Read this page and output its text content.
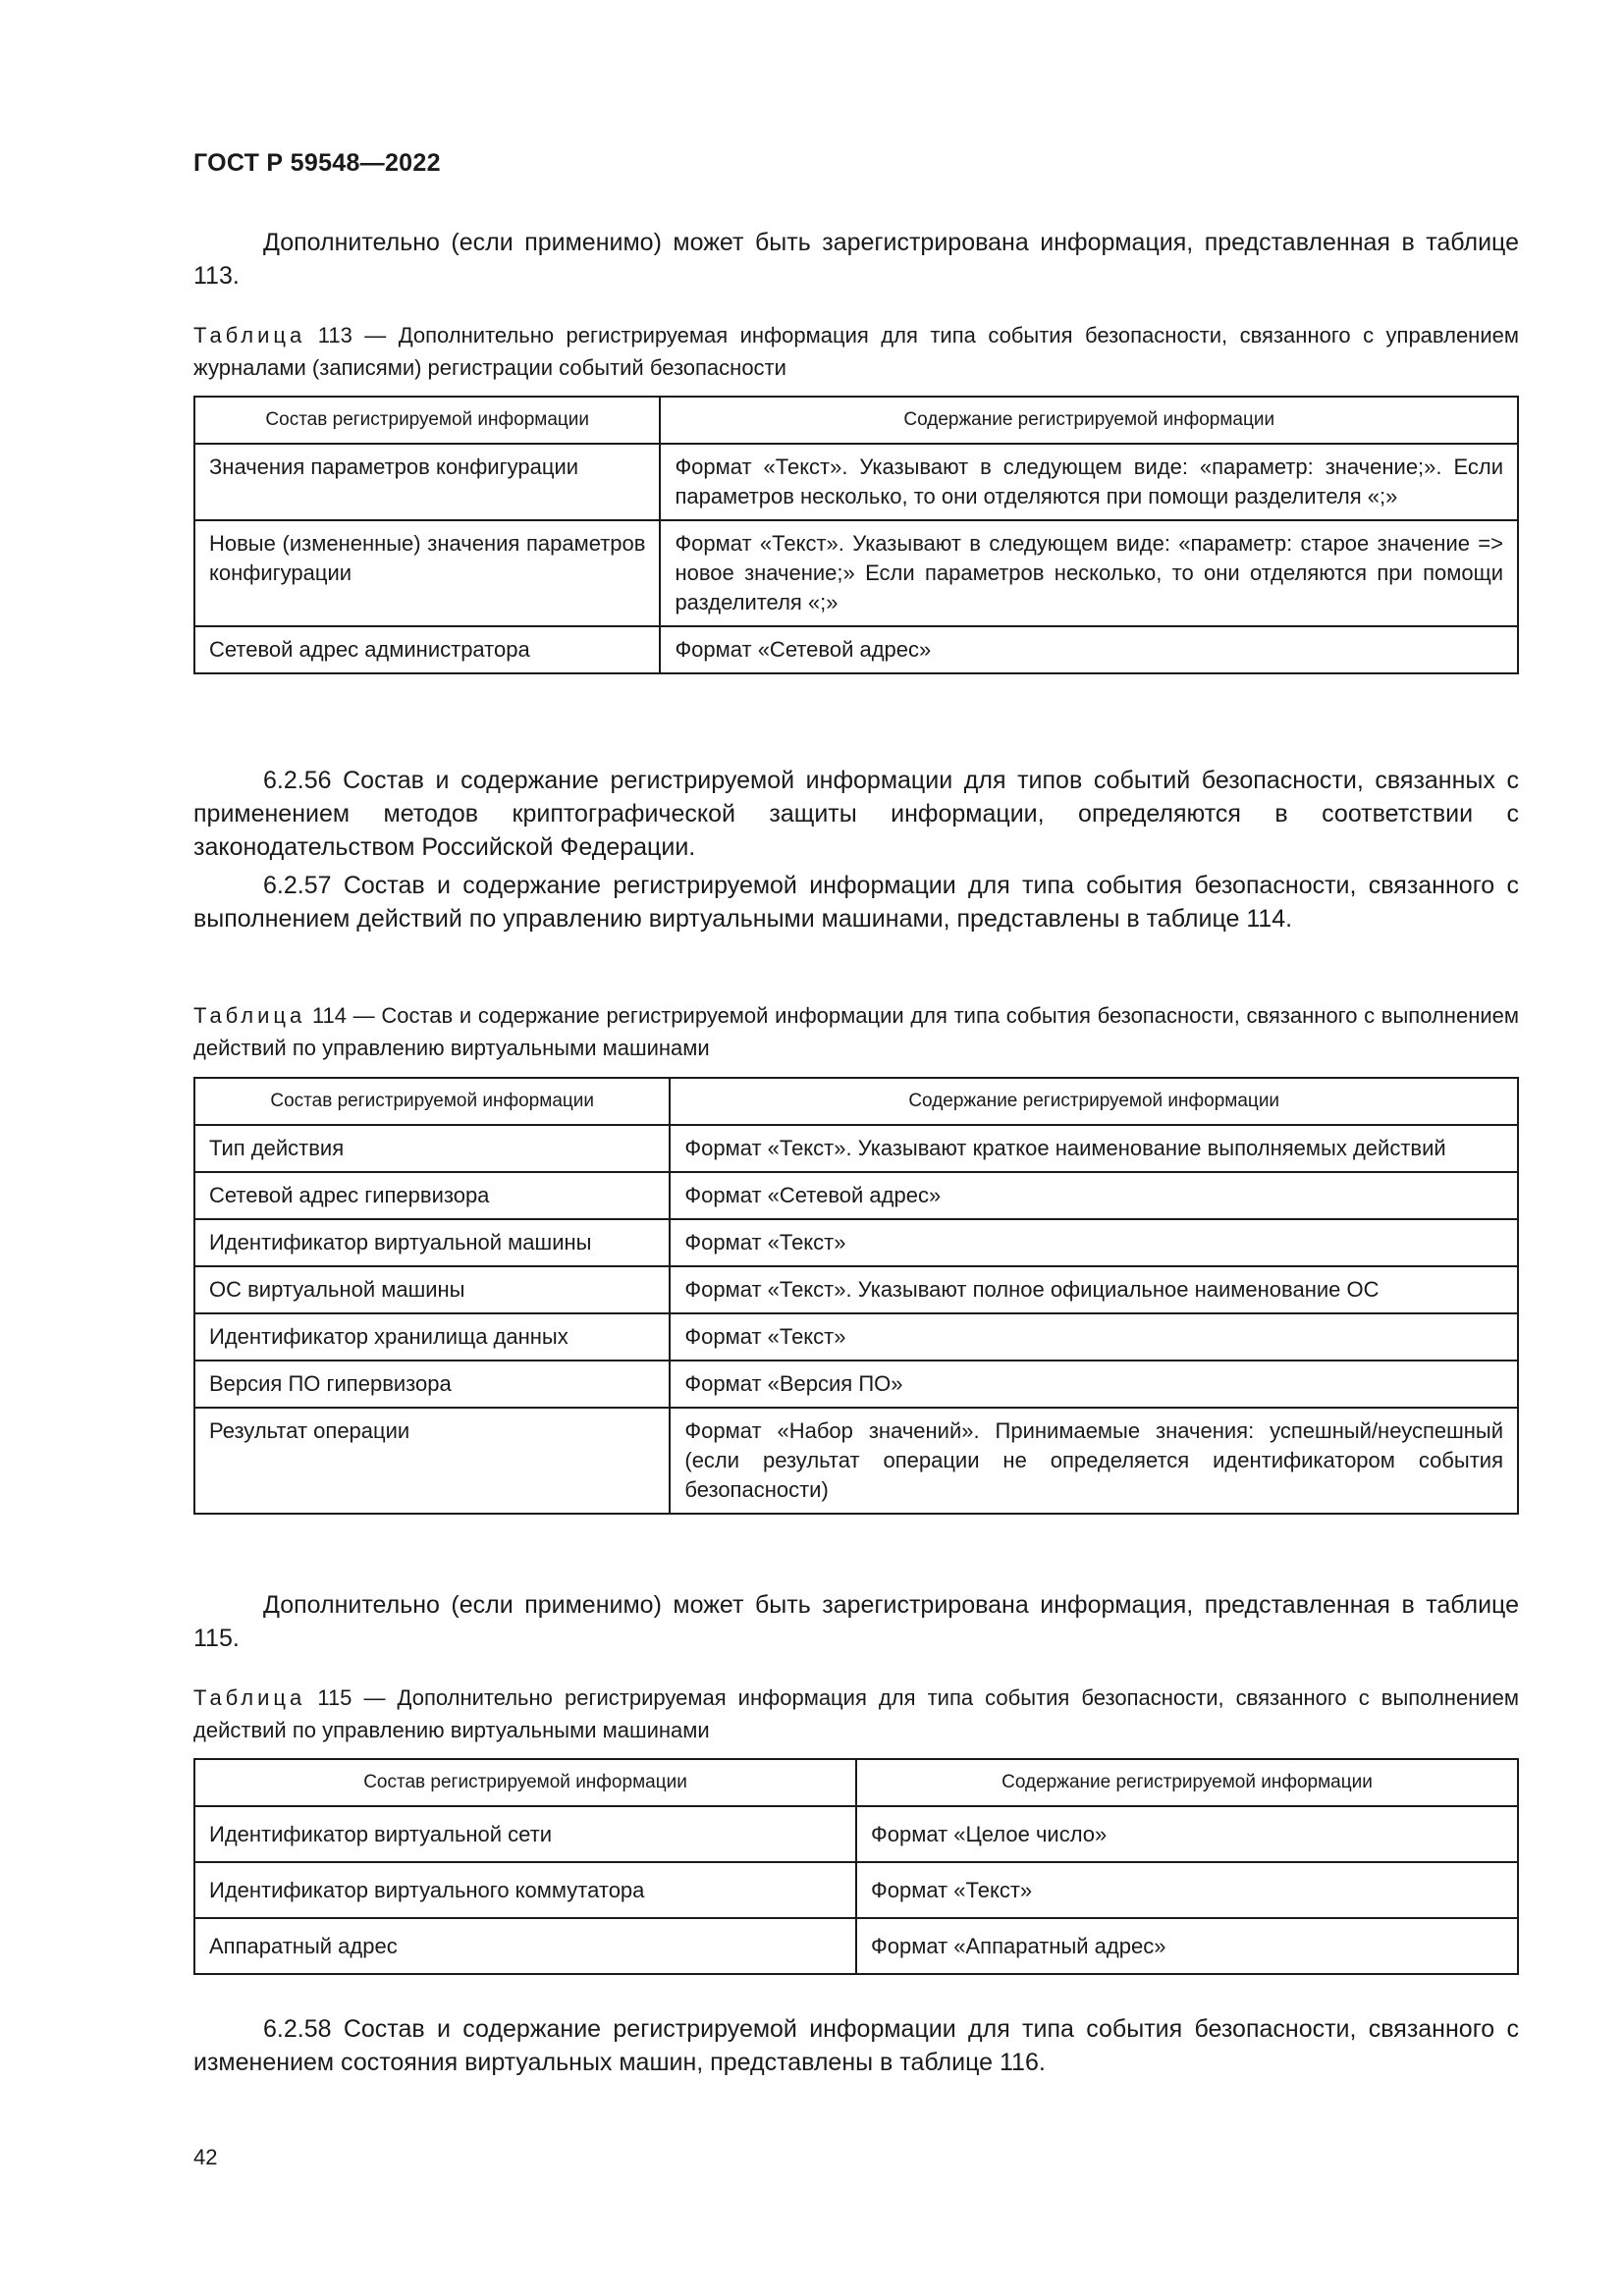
ГОСТ Р 59548—2022
Дополнительно (если применимо) может быть зарегистрирована информация, представленная в таблице 113.
Таблица 113 — Дополнительно регистрируемая информация для типа события безопасности, связанного с управлением журналами (записями) регистрации событий безопасности
Состав регистрируемой информации	Содержание регистрируемой информации
Значения параметров конфигурации	Формат «Текст». Указывают в следующем виде: «параметр: значение;». Если параметров несколько, то они отделяются при помощи разделителя «;»
Новые (измененные) значения параметров конфигурации	Формат «Текст». Указывают в следующем виде: «параметр: старое значение => новое значение;» Если параметров несколько, то они отделяются при помощи разделителя «;»
Сетевой адрес администратора	Формат «Сетевой адрес»
6.2.56 Состав и содержание регистрируемой информации для типов событий безопасности, связанных с применением методов криптографической защиты информации, определяются в соответствии с законодательством Российской Федерации.
6.2.57 Состав и содержание регистрируемой информации для типа события безопасности, связанного с выполнением действий по управлению виртуальными машинами, представлены в таблице 114.
Таблица 114 — Состав и содержание регистрируемой информации для типа события безопасности, связанного с выполнением действий по управлению виртуальными машинами
Состав регистрируемой информации	Содержание регистрируемой информации
Тип действия	Формат «Текст». Указывают краткое наименование выполняемых действий
Сетевой адрес гипервизора	Формат «Сетевой адрес»
Идентификатор виртуальной машины	Формат «Текст»
ОС виртуальной машины	Формат «Текст». Указывают полное официальное наименование ОС
Идентификатор хранилища данных	Формат «Текст»
Версия ПО гипервизора	Формат «Версия ПО»
Результат операции	Формат «Набор значений». Принимаемые значения: успешный/неуспешный (если результат операции не определяется идентификатором события безопасности)
Дополнительно (если применимо) может быть зарегистрирована информация, представленная в таблице 115.
Таблица 115 — Дополнительно регистрируемая информация для типа события безопасности, связанного с выполнением действий по управлению виртуальными машинами
Состав регистрируемой информации	Содержание регистрируемой информации
Идентификатор виртуальной сети	Формат «Целое число»
Идентификатор виртуального коммутатора	Формат «Текст»
Аппаратный адрес	Формат «Аппаратный адрес»
6.2.58 Состав и содержание регистрируемой информации для типа события безопасности, связанного с изменением состояния виртуальных машин, представлены в таблице 116.
42
